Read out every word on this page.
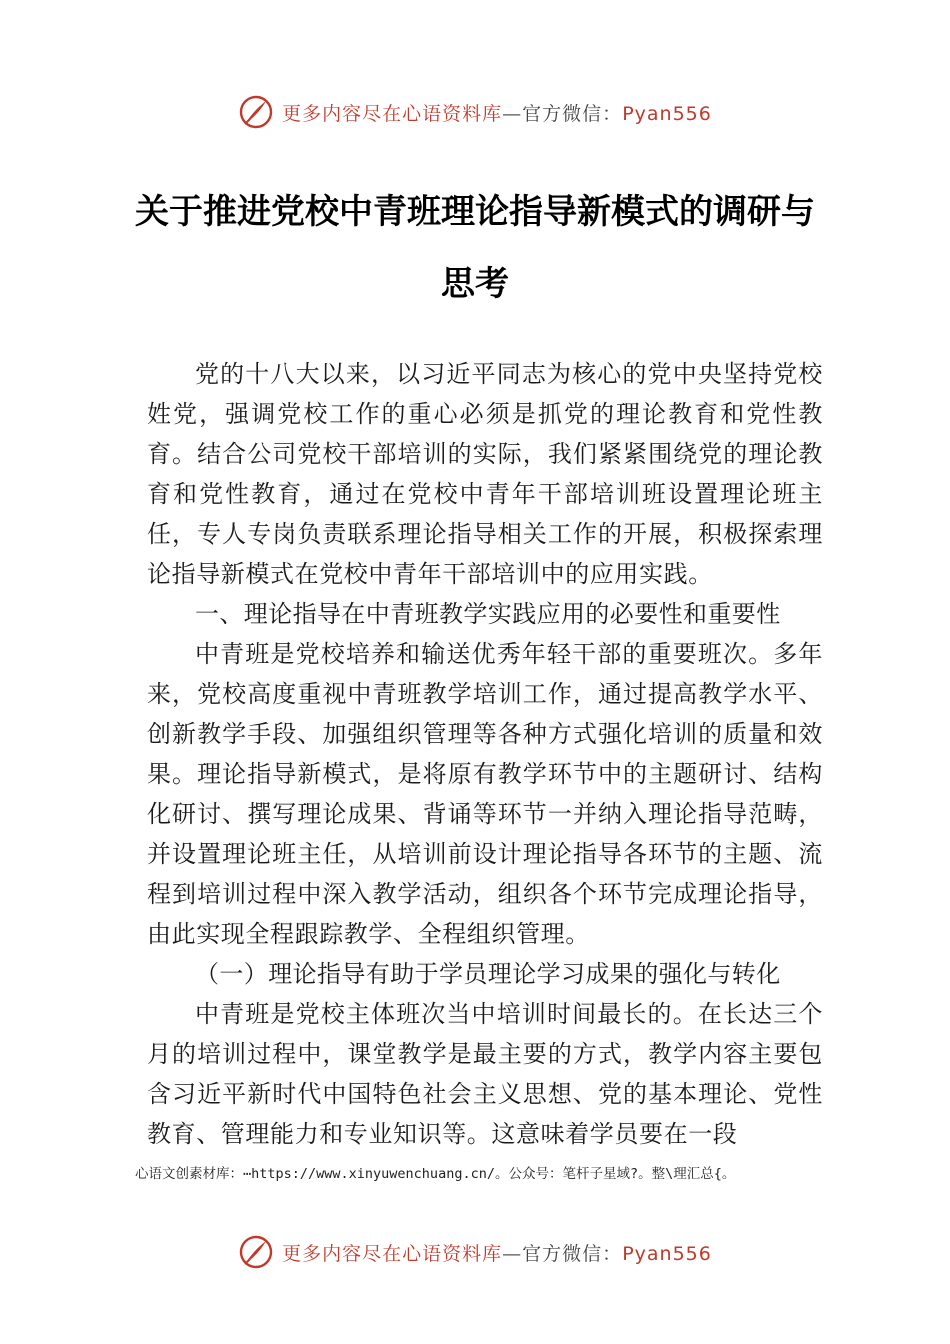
更多内容尽在心语资料库—官方微信：Pyan556
关于推进党校中青班理论指导新模式的调研与思考

党的十八大以来，以习近平同志为核心的党中央坚持党校姓党，强调党校工作的重心必须是抓党的理论教育和党性教育。结合公司党校干部培训的实际，我们紧紧围绕党的理论教育和党性教育，通过在党校中青年干部培训班设置理论班主任，专人专岗负责联系理论指导相关工作的开展，积极探索理论指导新模式在党校中青年干部培训中的应用实践。

一、理论指导在中青班教学实践应用的必要性和重要性

中青班是党校培养和输送优秀年轻干部的重要班次。多年来，党校高度重视中青班教学培训工作，通过提高教学水平、创新教学手段、加强组织管理等各种方式强化培训的质量和效果。理论指导新模式，是将原有教学环节中的主题研讨、结构化研讨、撰写理论成果、背诵等环节一并纳入理论指导范畴，并设置理论班主任，从培训前设计理论指导各环节的主题、流程到培训过程中深入教学活动，组织各个环节完成理论指导，由此实现全程跟踪教学、全程组织管理。

（一）理论指导有助于学员理论学习成果的强化与转化

中青班是党校主体班次当中培训时间最长的。在长达三个月的培训过程中，课堂教学是最主要的方式，教学内容主要包含习近平新时代中国特色社会主义思想、党的基本理论、党性教育、管理能力和专业知识等。这意味着学员要在一段

心语文创素材库：⋯https://www.xinyuwenchuang.cn/。公众号：笔杆子星域?。整\理汇总{。
更多内容尽在心语资料库—官方微信：Pyan556
